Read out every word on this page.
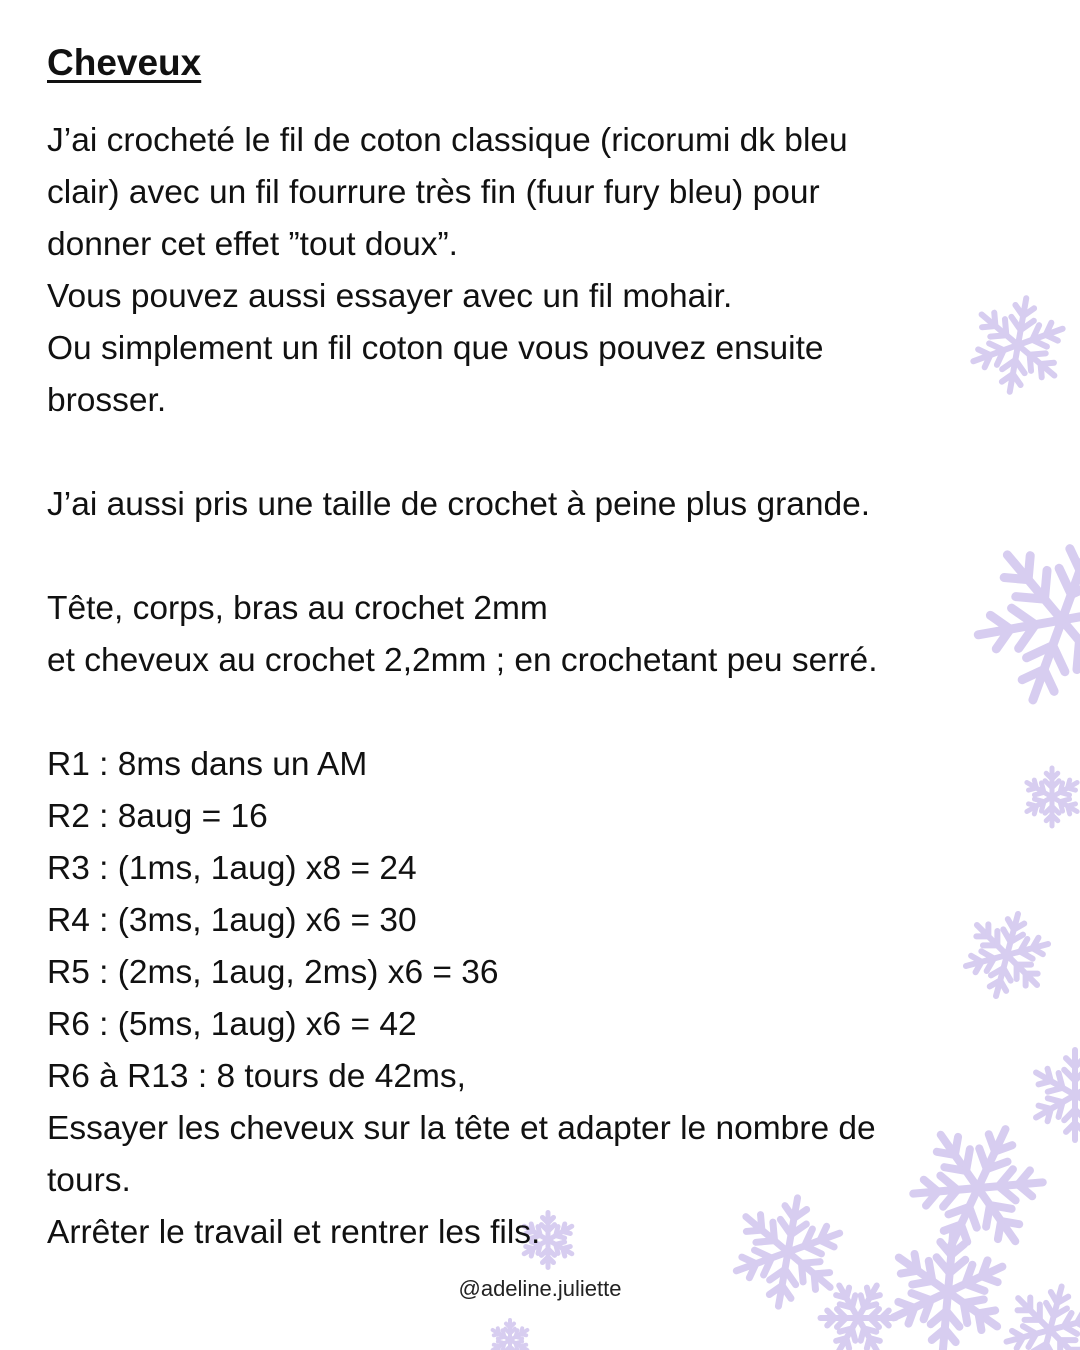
Cheveux

J’ai crocheté le fil de coton classique (ricorumi dk bleu

clair) avec un fil fourrure très fin (fuur fury bleu) pour

donner cet effet ”tout doux”.

Vous pouvez aussi essayer avec un fil mohair.

Ou simplement un fil coton que vous pouvez ensuite

brosser.

J’ai aussi pris une taille de crochet à peine plus grande.

Tête, corps, bras au crochet 2mm

et cheveux au crochet 2,2mm ; en crochetant peu serré.

R1 : 8ms dans un AM

R2 : 8aug = 16

R3 : (1ms, 1aug) x8 = 24

R4 : (3ms, 1aug) x6 = 30

R5 : (2ms, 1aug, 2ms) x6 = 36

R6 : (5ms, 1aug) x6 = 42

R6 à R13 : 8 tours de 42ms,

Essayer les cheveux sur la tête et adapter le nombre de

tours.

Arrêter le travail et rentrer les fils.

@adeline.juliette
